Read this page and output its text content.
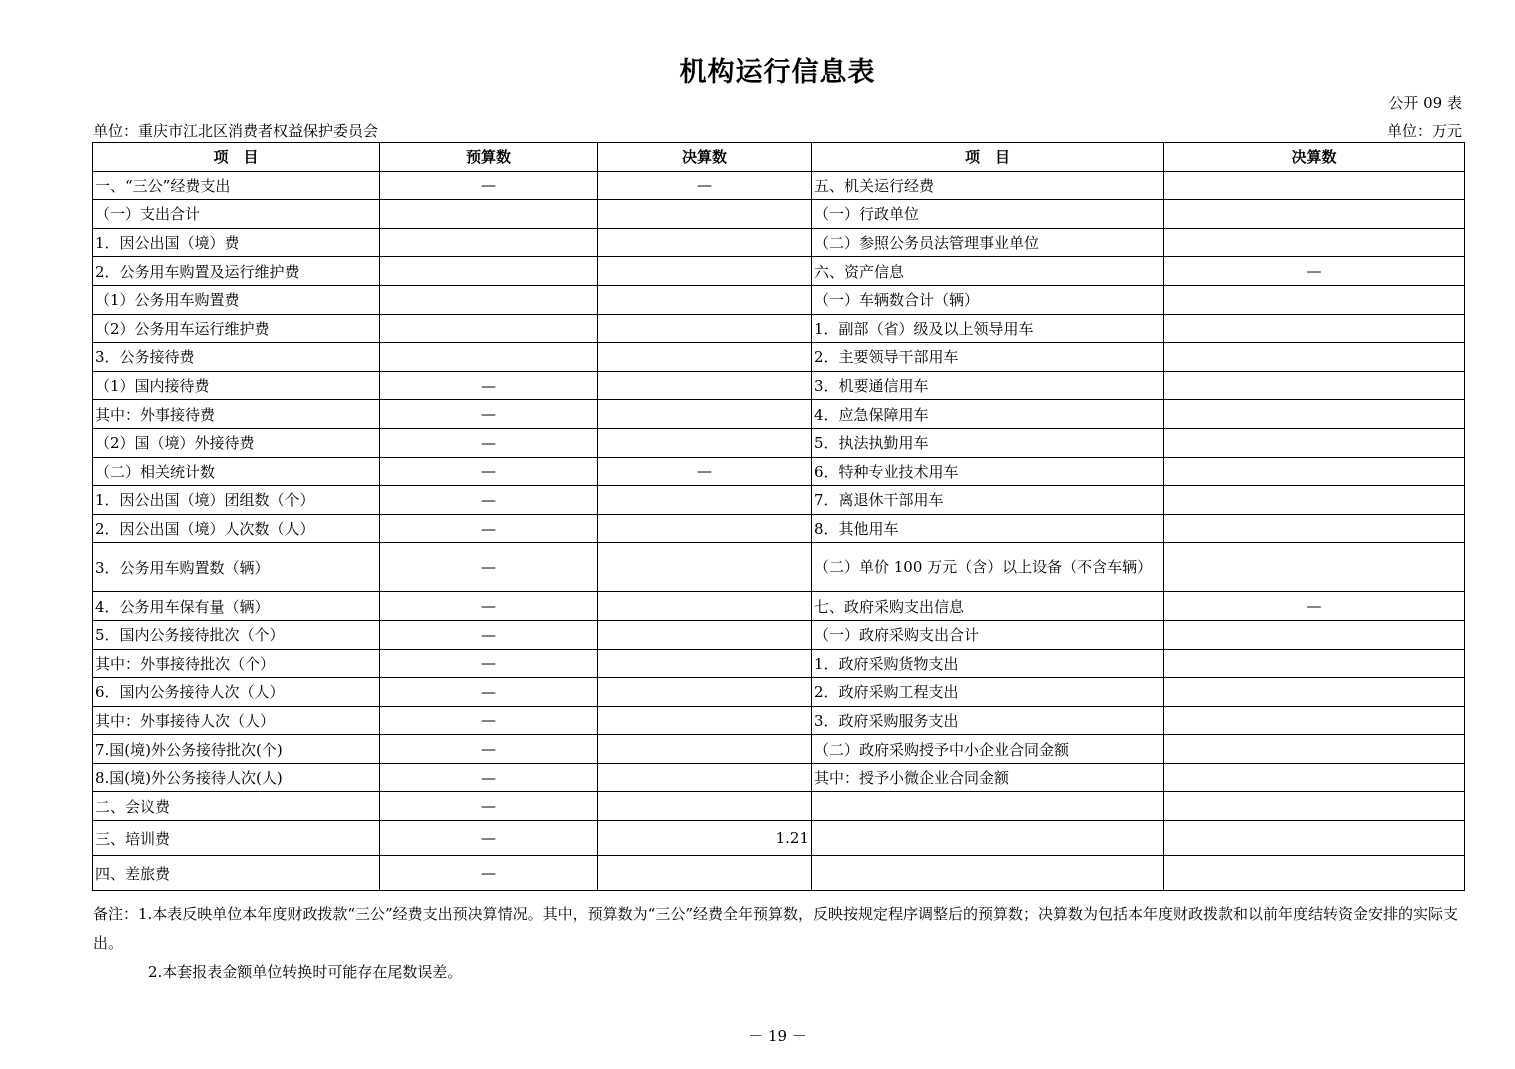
机构运行信息表
公开 09 表
单位：重庆市江北区消费者权益保护委员会	单位：万元
项　目	预算数	决算数	项　目	决算数
一、“三公”经费支出	—	—	五、机关运行经费	
（一）支出合计			（一）行政单位	
1．因公出国（境）费			（二）参照公务员法管理事业单位	
2．公务用车购置及运行维护费			六、资产信息	—
（1）公务用车购置费			（一）车辆数合计（辆）	
（2）公务用车运行维护费			1．副部（省）级及以上领导用车	
3．公务接待费			2．主要领导干部用车	
（1）国内接待费	—		3．机要通信用车	
其中：外事接待费	—		4．应急保障用车	
（2）国（境）外接待费	—		5．执法执勤用车	
（二）相关统计数	—	—	6．特种专业技术用车	
1．因公出国（境）团组数（个）	—		7．离退休干部用车	
2．因公出国（境）人次数（人）	—		8．其他用车	
3．公务用车购置数（辆）	—		（二）单价 100 万元（含）以上设备（不含车辆）	
4．公务用车保有量（辆）	—		七、政府采购支出信息	—
5．国内公务接待批次（个）	—		（一）政府采购支出合计	
其中：外事接待批次（个）	—		1．政府采购货物支出	
6．国内公务接待人次（人）	—		2．政府采购工程支出	
其中：外事接待人次（人）	—		3．政府采购服务支出	
7.国(境)外公务接待批次(个)	—		（二）政府采购授予中小企业合同金额	
8.国(境)外公务接待人次(人)	—		其中：授予小微企业合同金额	
二、会议费	—			
三、培训费	—	1.21		
四、差旅费	—			
备注：1.本表反映单位本年度财政拨款“三公”经费支出预决算情况。其中，预算数为“三公”经费全年预算数，反映按规定程序调整后的预算数；决算数为包括本年度财政拨款和以前年度结转资金安排的实际支出。
2.本套报表金额单位转换时可能存在尾数误差。
－ 19 －
